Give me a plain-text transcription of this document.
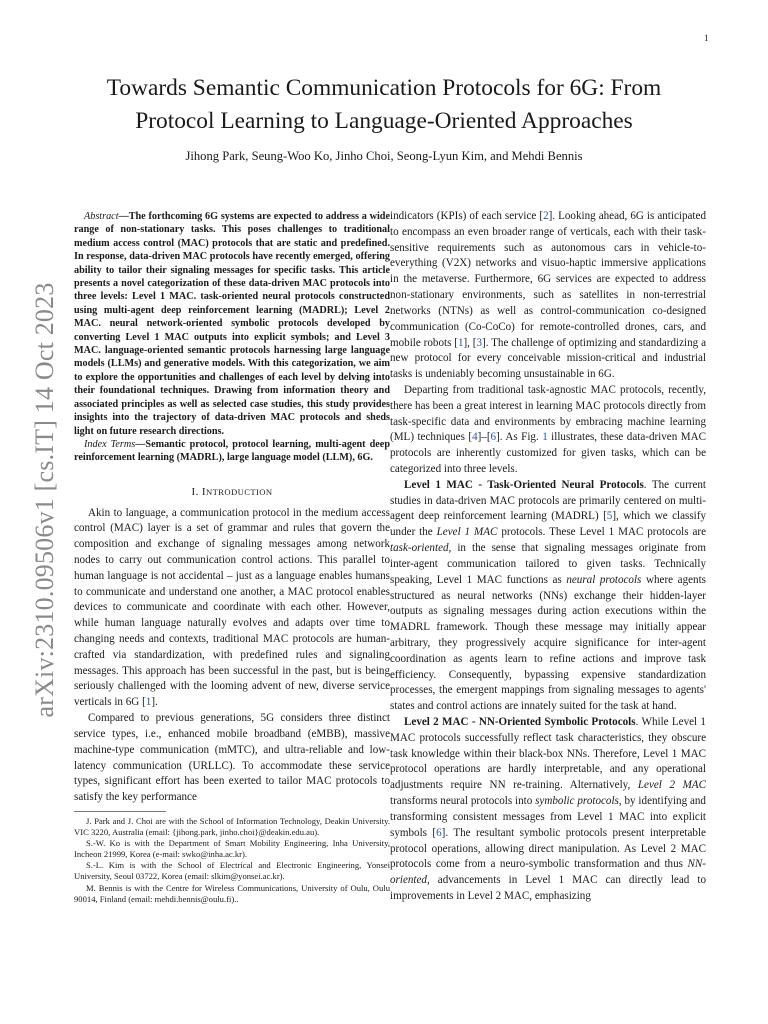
1
arXiv:2310.09506v1 [cs.IT] 14 Oct 2023
Towards Semantic Communication Protocols for 6G: From
Protocol Learning to Language-Oriented Approaches
Jihong Park, Seung-Woo Ko, Jinho Choi, Seong-Lyun Kim, and Mehdi Bennis

Abstract—The forthcoming 6G systems are expected to address a wide range of non-stationary tasks. This poses challenges to traditional medium access control (MAC) protocols that are static and predefined. In response, data-driven MAC protocols have recently emerged, offering ability to tailor their signaling messages for specific tasks. This article presents a novel categorization of these data-driven MAC protocols into three levels: Level 1 MAC. task-oriented neural protocols constructed using multi-agent deep reinforcement learning (MADRL); Level 2 MAC. neural network-oriented symbolic protocols developed by converting Level 1 MAC outputs into explicit symbols; and Level 3 MAC. language-oriented semantic protocols harnessing large language models (LLMs) and generative models. With this categorization, we aim to explore the opportunities and challenges of each level by delving into their foundational techniques. Drawing from information theory and associated principles as well as selected case studies, this study provides insights into the trajectory of data-driven MAC protocols and sheds light on future research directions.

Index Terms—Semantic protocol, protocol learning, multi-agent deep reinforcement learning (MADRL), large language model (LLM), 6G.

I. INTRODUCTION

Akin to language, a communication protocol in the medium access control (MAC) layer is a set of grammar and rules that govern the composition and exchange of signaling messages among network nodes to carry out communication control actions. This parallel to human language is not accidental – just as a language enables humans to communicate and understand one another, a MAC protocol enables devices to communicate and coordinate with each other. However, while human language naturally evolves and adapts over time to changing needs and contexts, traditional MAC protocols are human-crafted via standardization, with predefined rules and signaling messages. This approach has been successful in the past, but is being seriously challenged with the looming advent of new, diverse service verticals in 6G [1].

Compared to previous generations, 5G considers three distinct service types, i.e., enhanced mobile broadband (eMBB), massive machine-type communication (mMTC), and ultra-reliable and low-latency communication (URLLC). To accommodate these service types, significant effort has been exerted to tailor MAC protocols to satisfy the key performance

J. Park and J. Choi are with the School of Information Technology, Deakin University. VIC 3220, Australia (email: {jihong.park, jinho.choi}@deakin.edu.au).

S.-W. Ko is with the Department of Smart Mobility Engineering, Inha University, Incheon 21999, Korea (e-mail: swko@inha.ac.kr).

S.-L. Kim is with the School of Electrical and Electronic Engineering, Yonsei University, Seoul 03722, Korea (email: slkim@yonsei.ac.kr).

M. Bennis is with the Centre for Wireless Communications, University of Oulu, Oulu 90014, Finland (email: mehdi.bennis@oulu.fi)..

indicators (KPIs) of each service [2]. Looking ahead, 6G is anticipated to encompass an even broader range of verticals, each with their task-sensitive requirements such as autonomous cars in vehicle-to-everything (V2X) networks and visuo-haptic immersive applications in the metaverse. Furthermore, 6G services are expected to address non-stationary environments, such as satellites in non-terrestrial networks (NTNs) as well as control-communication co-designed communication (Co-CoCo) for remote-controlled drones, cars, and mobile robots [1], [3]. The challenge of optimizing and standardizing a new protocol for every conceivable mission-critical and industrial tasks is undeniably becoming unsustainable in 6G.

Departing from traditional task-agnostic MAC protocols, recently, there has been a great interest in learning MAC protocols directly from task-specific data and environments by embracing machine learning (ML) techniques [4]–[6]. As Fig. 1 illustrates, these data-driven MAC protocols are inherently customized for given tasks, which can be categorized into three levels.

Level 1 MAC - Task-Oriented Neural Protocols. The current studies in data-driven MAC protocols are primarily centered on multi-agent deep reinforcement learning (MADRL) [5], which we classify under the Level 1 MAC protocols. These Level 1 MAC protocols are task-oriented, in the sense that signaling messages originate from inter-agent communication tailored to given tasks. Technically speaking, Level 1 MAC functions as neural protocols where agents structured as neural networks (NNs) exchange their hidden-layer outputs as signaling messages during action executions within the MADRL framework. Though these message may initially appear arbitrary, they progressively acquire significance for inter-agent coordination as agents learn to refine actions and improve task efficiency. Consequently, bypassing expensive standardization processes, the emergent mappings from signaling messages to agents' states and control actions are innately suited for the task at hand.

Level 2 MAC - NN-Oriented Symbolic Protocols. While Level 1 MAC protocols successfully reflect task characteristics, they obscure task knowledge within their black-box NNs. Therefore, Level 1 MAC protocol operations are hardly interpretable, and any operational adjustments require NN re-training. Alternatively, Level 2 MAC transforms neural protocols into symbolic protocols, by identifying and transforming consistent messages from Level 1 MAC into explicit symbols [6]. The resultant symbolic protocols present interpretable protocol operations, allowing direct manipulation. As Level 2 MAC protocols come from a neuro-symbolic transformation and thus NN-oriented, advancements in Level 1 MAC can directly lead to improvements in Level 2 MAC, emphasizing
